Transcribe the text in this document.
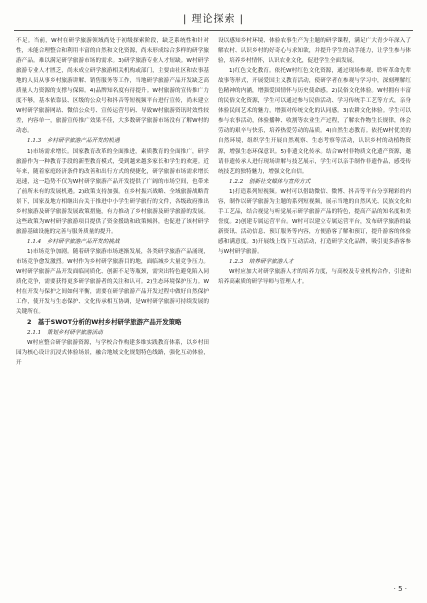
| 理论探索 |

不足。当前，W村在研学旅游领域尚处于初级探索阶段，缺乏系统性和针对性，未能合理整合和利用丰富的自然和文化资源，尚未形成综合多样的研学旅游产品。难以满足研学旅游市场的需求。3)研学旅游专业人才短缺。W村研学旅游专业人才匮乏，尚未成立研学旅游相关机构或部门，主要由社区和农事基地的人员从事乡村旅游讲解、销售服务等工作，当地研学旅游产品开发缺乏高质量人力资源的支撑与保障。4)品牌知名度有待提升。W村旅游的宣传推广力度不够，基本依靠县、区级的公众号和抖音等短视频平台进行宣传，尚未建立W村研学旅游网站、微信公众号、宣传运营号码、导致W村旅游资讯时效性较差，内容单一，旅游宣传推广效果不佳，大多数研学旅游市场没有了解W村的动态。

1.1.3　乡村研学旅游产品开发的机遇

1)市场需求增长。国家教育改革的全面推进，素质教育的全面推广，研学旅游作为一种教育手段的新型教育模式，受到越来越多家长和学生的欢迎。近年来，随着家庭经济条件的改善和出行方式的便捷化，研学旅游市场需求增长迅速，这一趋势不仅为W村研学旅游产品开发提供了广阔的市场空间，也带来了前所未有的发展机遇。2)政策支持加强。在乡村振兴战略、全域旅游战略背景下，国家及地方相继出台关于推进中小学生研学旅行的文件，各级政府推出乡村旅游及研学旅游发展政策措施，有力推动了乡村旅游及研学旅游的发展。这些政策为W村研学旅游项目提供了资金援助和政策倾斜，也促进了该村研学旅游基础设施的完善与服务质量的提升。

1.1.4　乡村研学旅游产品开发的挑战

1)市场竞争加剧。随着研学旅游市场逐渐发展，各类研学旅游产品涌现，市场竞争愈发激烈。W村作为乡村研学旅游目的地，面临城乡大量竞争压力。W村研学旅游产品开发面临同质化、创新不足等瓶颈，需突出特色避免陷入同质化竞争，需要获得更多研学旅游者的关注和认可。2)生态环境保护压力。W村在开发与保护之间如何平衡，需要在研学旅游产品开发过程中做好自然保护工作，使开发与生态保护、文化传承相互协调，是W村研学旅游可持续发展的关键所在。

2　基于SWOT分析的W村乡村研学旅游产品开发策略

2.1.1　策划乡村研学旅游活动

W村应整合研学旅游资源，与学校合作构建多维实践教育体系，以乡村田园为核心设计沉浸式体验场景，融合地域文化规划特色线路，强化互动体验，开

设以感知乡村环境、体验农事生产为主题的研学课程，满足广大青少年深入了解农村、认识乡村的好奇心与求知欲，并提升学生的动手能力，让学生参与体验，培养乡村情怀，认识农业文化，促进学生全面发展。

1)红色文化教育。依托W村红色文化资源，通过现场参观、聆听革命先辈故事等形式，开展爱国主义教育活动，使研学者在参观与学习中，深刻理解红色精神的内涵，增强爱国情怀与历史使命感。2)民俗文化体验。W村拥有丰富的民俗文化资源，学生可以通过参与民俗活动、学习传统手工艺等方式，亲身体验民间艺术的魅力，增强对传统文化的认同感。3)农耕文化体验。学生可以参与农事活动，体验播种、收割等农业生产过程，了解农作物生长规律，体会劳动的艰辛与快乐，培养热爱劳动的品质。4)自然生态教育。依托W村优美的自然环境，组织学生开展自然观察、生态考察等活动，认识乡村的动植物资源，增强生态环保意识。5)非遗文化传承。结合W村非物质文化遗产资源，邀请非遗传承人进行现场讲解与技艺展示，学生可以亲手制作非遗作品，感受传统技艺的独特魅力，增强文化自信。

1.2.2　创新社交媒体与宣传方式

1)打造系列短视频。W村可以借助微信、微博、抖音等平台分享精彩的内容，制作以研学旅游为主题的系列短视频，展示当地的自然风光、民族文化和手工艺品，结合视觉与听觉展示研学旅游产品的特色，提高产品的知名度和美誉度。2)创建专属运营平台。W村可以建立专属运营平台，发布研学旅游的最新资讯、活动信息、预订服务等内容，方便游客了解和预订，提升游客的体验感和满意度。3)开展线上线下互动活动，打造研学文化品牌，吸引更多游客参与W村研学旅游。

1.2.3　培养研学旅游人才

W村应加大对研学旅游人才的培养力度，与高校及专业机构合作，引进和培养高素质的研学导师与管理人才。

· 5 ·
